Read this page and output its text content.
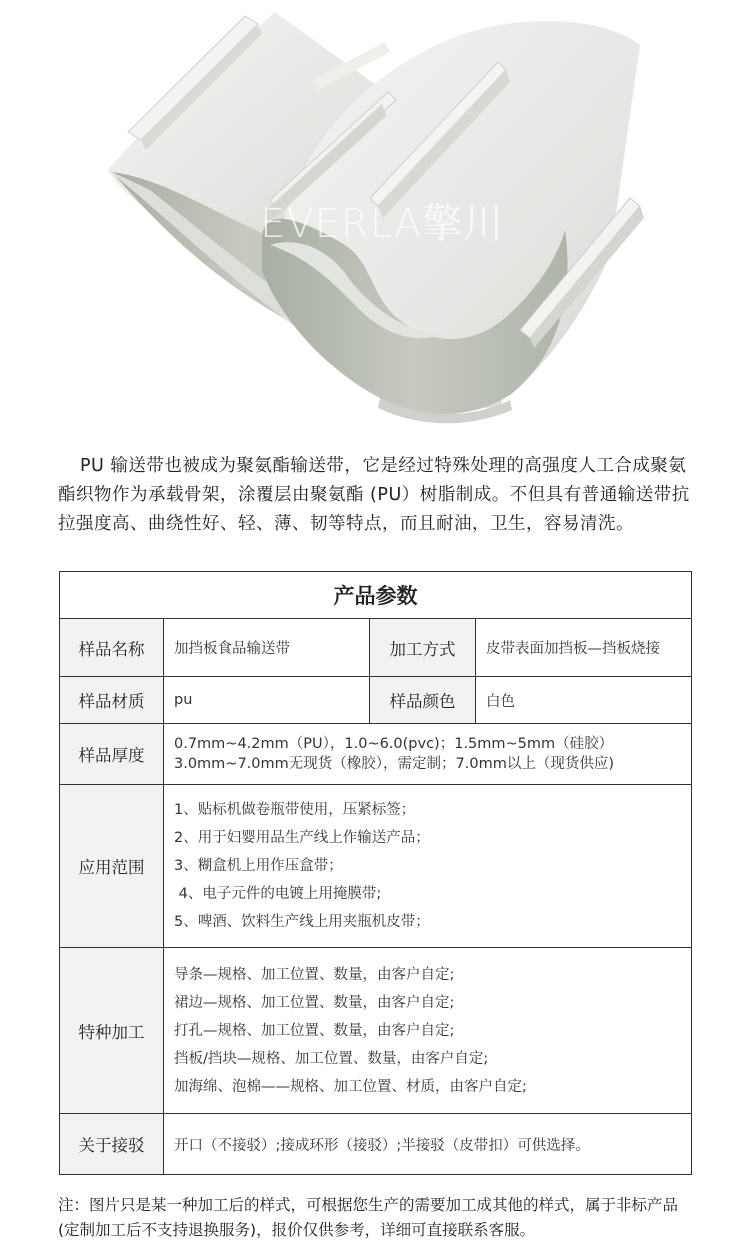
EVERLA擎川
PU 输送带也被成为聚氨酯输送带，它是经过特殊处理的高强度人工合成聚氨酯织物作为承载骨架，涂覆层由聚氨酯 (PU）树脂制成。不但具有普通输送带抗拉强度高、曲绕性好、轻、薄、韧等特点，而且耐油，卫生，容易清洗。
产品参数			
样品名称	加挡板食品输送带	加工方式	皮带表面加挡板—挡板烧接
样品材质	pu	样品颜色	白色
样品厚度	0.7mm~4.2mm（PU），1.0~6.0(pvc)；1.5mm~5mm（硅胶）
3.0mm~7.0mm无现货（橡胶），需定制；7.0mm以上（现货供应)		

应用范围	1、贴标机做卷瓶带使用，压紧标签；
2、用于妇婴用品生产线上作输送产品；
3、糊盒机上用作压盒带；
4、电子元件的电镀上用掩膜带;
5、啤酒、饮料生产线上用夹瓶机皮带；		

特种加工	导条—规格、加工位置、数量，由客户自定;
裙边—规格、加工位置、数量，由客户自定;
打孔—规格、加工位置、数量，由客户自定;
挡板/挡块—规格、加工位置、数量，由客户自定;
加海绵、泡棉——规格、加工位置、材质，由客户自定;		

关于接驳	开口（不接驳）;接成环形（接驳）;半接驳（皮带扣）可供选择。		
注：图片只是某一种加工后的样式，可根据您生产的需要加工成其他的样式，属于非标产品(定制加工后不支持退换服务)，报价仅供参考，详细可直接联系客服。
